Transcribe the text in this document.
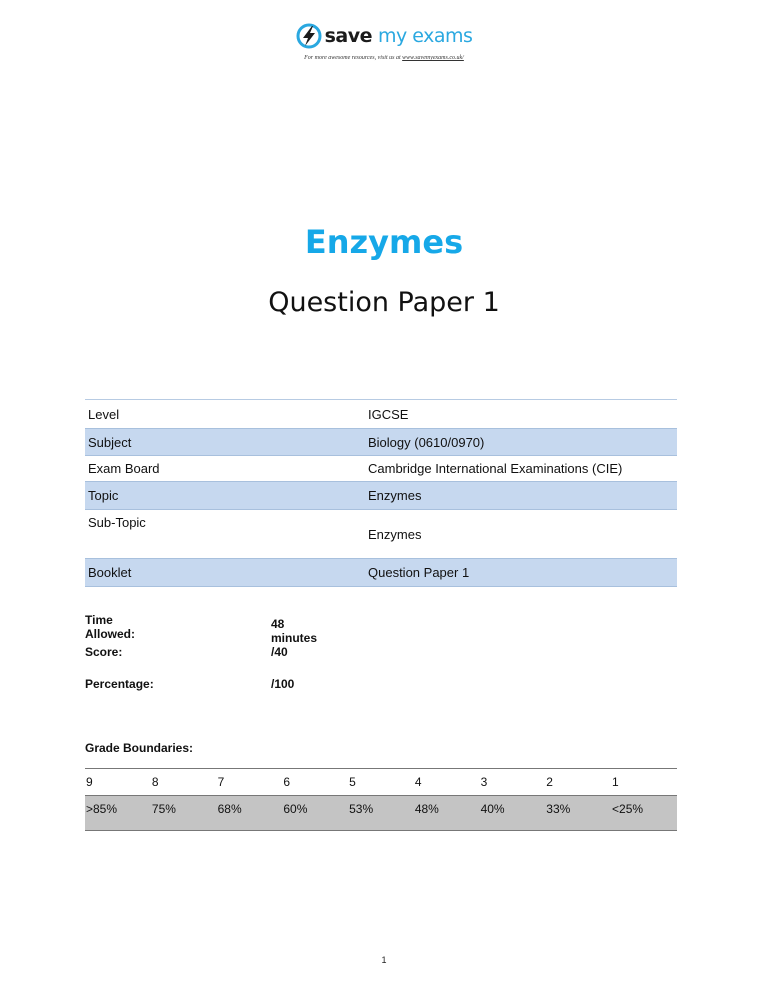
save my exams
For more awesome resources, visit us at www.savemyexams.co.uk/
Enzymes
Question Paper 1
Level	IGCSE
Subject	Biology (0610/0970)
Exam Board	Cambridge International Examinations (CIE)
Topic	Enzymes
Sub-Topic	Enzymes
Booklet	Question Paper 1
Time Allowed:
48 minutes
Score:	/40
Percentage:	/100
Grade Boundaries:
9	8	7	6	5	4	3	2	1
>85%	75%	68%	60%	53%	48%	40%	33%	<25%
1
